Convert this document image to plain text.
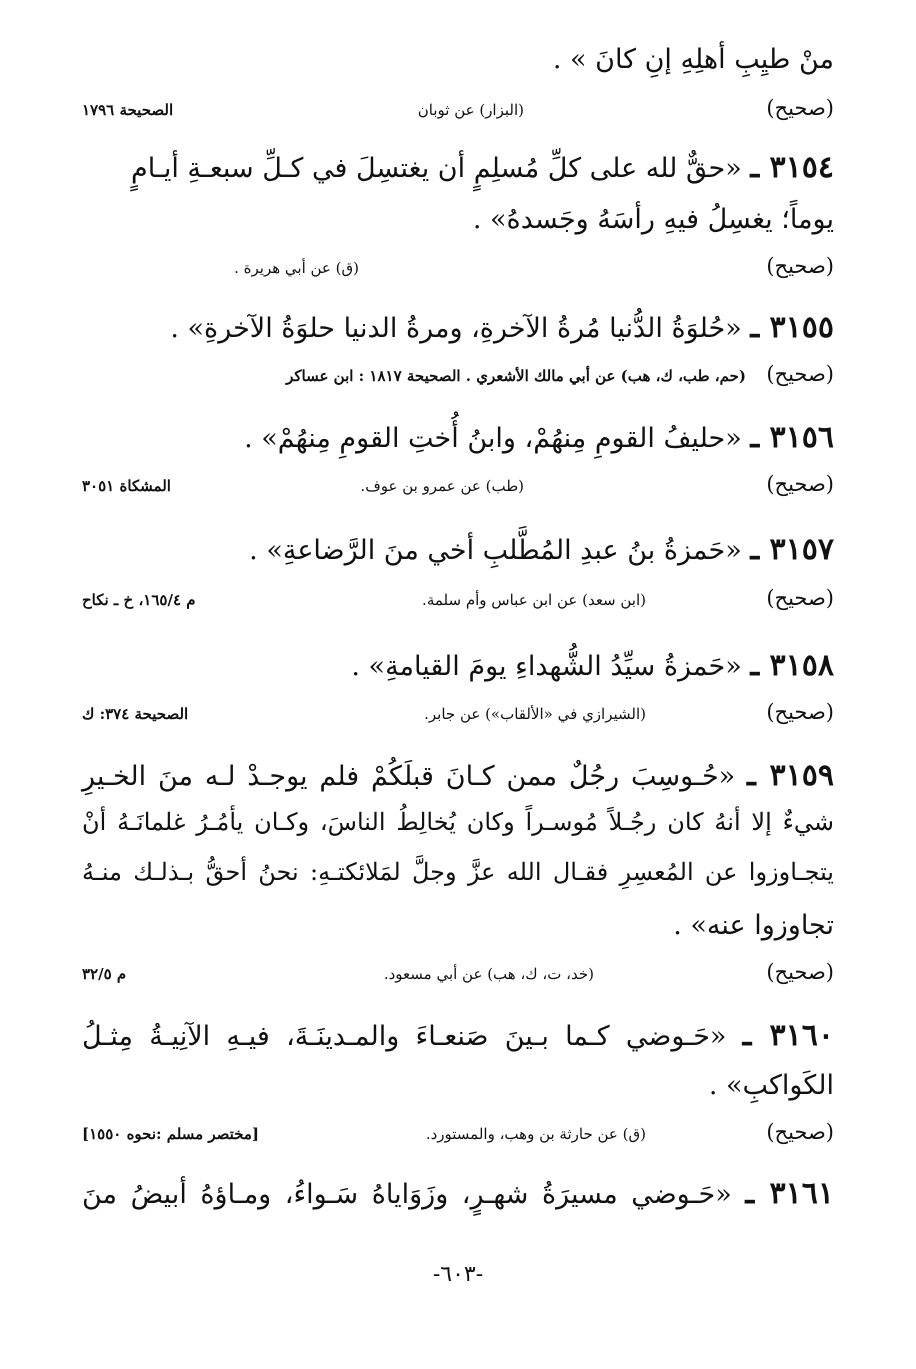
منْ طيِبِ أهلِهِ إنِ كانَ » .
(صحيح)
(البزار) عن ثوبان
الصحيحة ١٧٩٦
٣١٥٤ ـ «حقٌّ لله على كلِّ مُسلِمٍ أن يغتسِلَ في كـلِّ سبعـةِ أيـامٍ
يوماً؛ يغسِلُ فيهِ رأسَهُ وجَسدهُ» .
(صحيح)
(ق) عن أبي هريرة .
٣١٥٥ ـ «حُلوَةُ الدُّنيا مُرةُ الآخرةِ، ومرةُ الدنيا حلوَةُ الآخرةِ» .
(صحيح)
(حم، طب، ك، هب) عن أبي مالك الأشعري . الصحيحة ١٨١٧ : ابن عساكر
٣١٥٦ ـ «حليفُ القومِ مِنهُمْ، وابنُ أُختِ القومِ مِنهُمْ» .
(صحيح)
(طب) عن عمرو بن عوف.
المشكاة ٣٠٥١
٣١٥٧ ـ «حَمزةُ بنُ عبدِ المُطَّلبِ أخي منَ الرَّضاعةِ» .
(صحيح)
(ابن سعد) عن ابن عباس وأم سلمة.
م ١٦٥/٤، خ ـ نكاح
٣١٥٨ ـ «حَمزةُ سيِّدُ الشُّهداءِ يومَ القيامةِ» .
(صحيح)
(الشيرازي في «الألقاب») عن جابر.
الصحيحة ٣٧٤: ك
٣١٥٩ ـ «حُـوسِبَ رجُلٌ ممن كـانَ قبلَكُمْ فلم يوجـدْ لـه منَ الخـيرِ
شيءٌ إلا أنهُ كان رجُـلاً مُوسـراً وكان يُخالِطُ الناسَ، وكـان يأمُـرُ غلمانَـهُ أنْ
يتجـاوزوا عن المُعسِرِ فقـال الله عزَّ وجلَّ لمَلائكتـهِ: نحنُ أحقُّ بـذلـك منـهُ
تجاوزوا عنه» .
(صحيح)
(خد، ت، ك، هب) عن أبي مسعود.
م ٣٢/٥
٣١٦٠ ـ «حَـوضي كـما بـينَ صَنعـاءَ والمـدينَـةَ، فيـهِ الآنِيـةُ مِثـلُ
الكَواكبِ» .
(صحيح)
(ق) عن حارثة بن وهب، والمستورد.
[مختصر مسلم :نحوه ١٥٥٠]
٣١٦١ ـ «حَـوضي مسيرَةُ شهـرٍ، وزَوَاياهُ سَـواءُ، ومـاؤهُ أبيضُ منَ
-٦٠٣-
